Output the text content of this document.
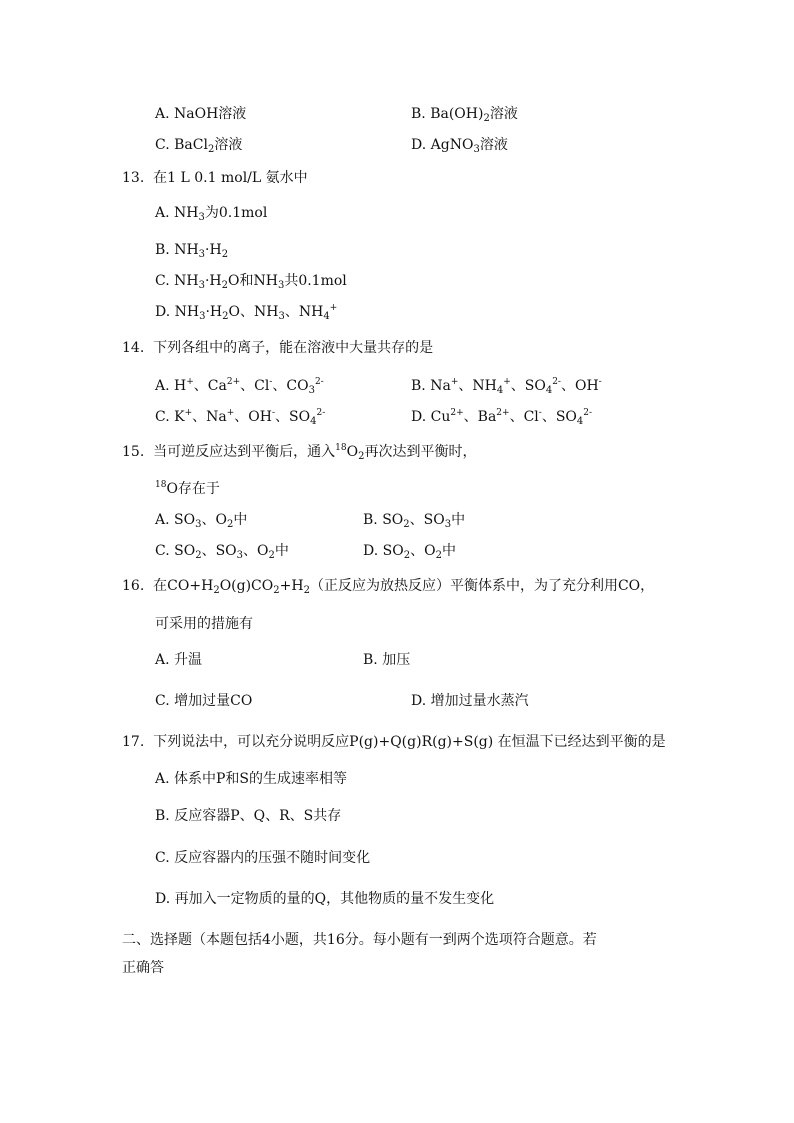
A. NaOH溶液	B. $Ba(OH)_2$溶液
C. BaCl$_2$溶液	D. AgNO$_3$溶液
13. 在1 L 0.1 mol/L 氨水中
A. $NH_3$为0.1mol
B. $NH_3\cdot H_2$
C. $NH_3\cdot H_2O$和$NH_3$共0.1mol
D. $NH_3\cdot H_2O$、$NH_3$、$NH_4^+$
14. 下列各组中的离子，能在溶液中大量共存的是
A. H+、$Ca^{2+}$、Cl-、$CO_3^{2-}$	B. Na+、$NH_4^+$、$SO_4^{2-}$、OH-
C. K+、Na+、OH-、$SO_4^{2-}$	D. $Cu^{2+}$、$Ba^{2+}$、Cl-、$SO_4^{2-}$
15. 当可逆反应达到平衡后，通入$^{18}O_2$再次达到平衡时，
$^{18}$O存在于
A. $SO_3$、$O_2$中	B. $SO_2$、$SO_3$中
C. $SO_2$、$SO_3$、$O_2$中	D. $SO_2$、$O_2$中
16. 在$CO+H_2O(g)CO_2+H_2$（正反应为放热反应）平衡体系中，为了充分利用CO，
可采用的措施有
A. 升温	B. 加压
C. 增加过量CO	D. 增加过量水蒸汽
17. 下列说法中，可以充分说明反应P(g)+Q(g)R(g)+S(g) 在恒温下已经达到平衡的是
A. 体系中P和S的生成速率相等
B. 反应容器P、Q、R、S共存
C. 反应容器内的压强不随时间变化
D. 再加入一定物质的量的Q，其他物质的量不发生变化
二、选择题（本题包括4小题，共16分。每小题有一到两个选项符合题意。若
正确答
